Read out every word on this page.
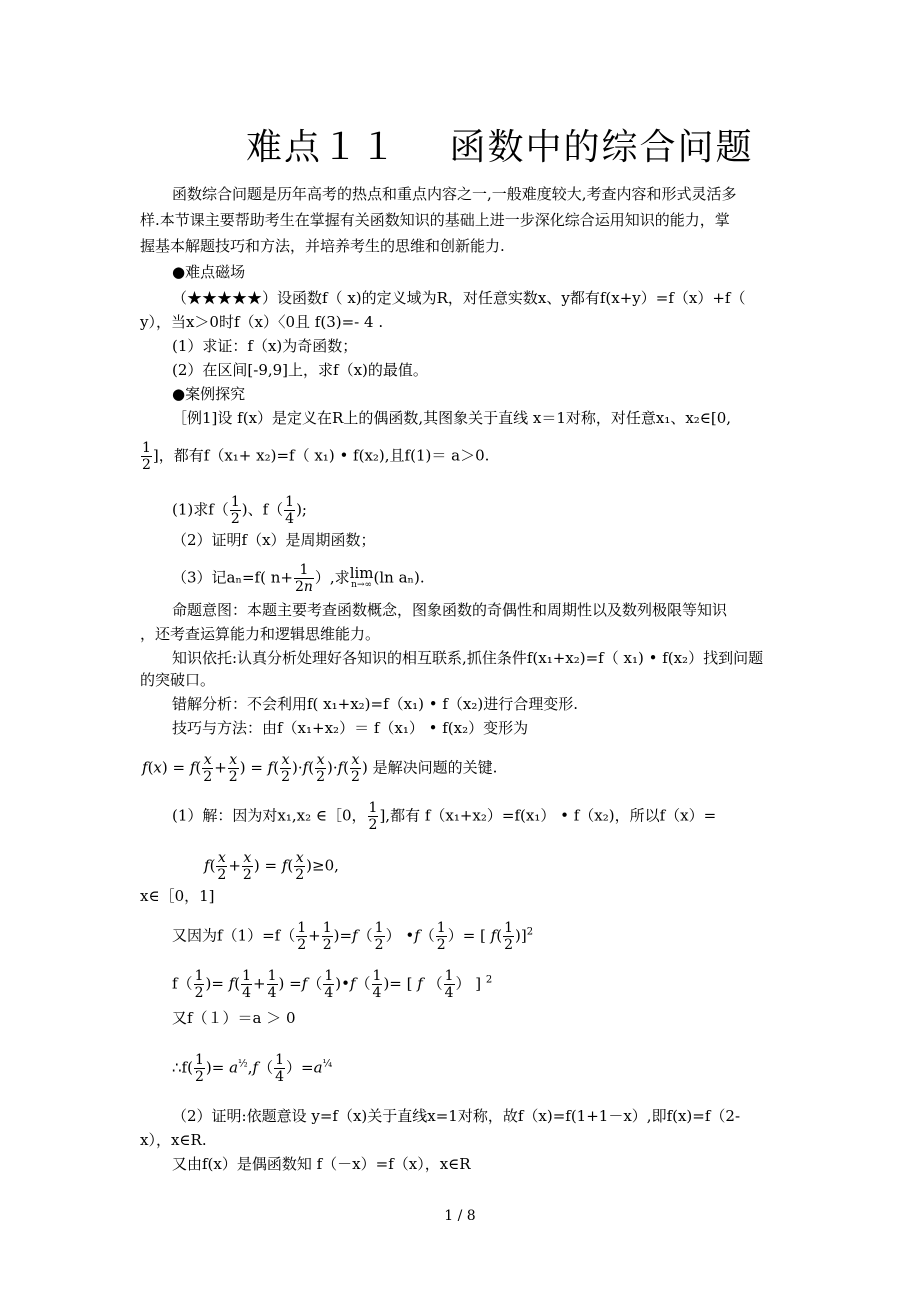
难点１１　 函数中的综合问题
函数综合问题是历年高考的热点和重点内容之一,一般难度较大,考查内容和形式灵活多
样.本节课主要帮助考生在掌握有关函数知识的基础上进一步深化综合运用知识的能力，掌
握基本解题技巧和方法，并培养考生的思维和创新能力.
●难点磁场
（★★★★★）设函数f（ x)的定义域为R，对任意实数x、y都有f(x+y）=f（x）+f（
y），当x＞0时f（x）〈0且 f(3)=- 4 .
(1）求证：f（x)为奇函数；
(2）在区间[-9,9]上，求f（x)的最值。
●案例探究
［例1]设 f(x）是定义在R上的偶函数,其图象关于直线 x＝1对称，对任意x₁、x₂∈[0,
$\frac{1}{2}$ ]，都有f（x₁+ x₂)=f（ x₁) • f(x₂),且f(1)＝ a＞0.
(1)求$f( \frac{1}{2}$ )、$f( \frac{1}{4}$ );
（2）证明f（x）是周期函数；
（3）记aₙ=f( $n+ \frac{1}{2n}$ ）,求 lim
n→∞ (ln aₙ).
命题意图：本题主要考查函数概念，图象函数的奇偶性和周期性以及数列极限等知识
，还考查运算能力和逻辑思维能力。
知识依托:认真分析处理好各知识的相互联系,抓住条件f(x₁+x₂)=f（ x₁) • f(x₂）找到问题
的突破口。
错解分析：不会利用f( x₁+x₂)=f（x₁) • f（x₂)进行合理变形.
技巧与方法：由f（x₁+x₂）＝ f（x₁） • f(x₂）变形为
$f(x) = f( \frac{x}{2} + \frac{x}{2}$ ) = $f( \frac{x}{2} )\cdot f( \frac{x}{2} )\cdot f( \frac{x}{2}$ ) 是解决问题的关键.
(1）解：因为对x₁,x₂ ∈［0， $\frac{1}{2}$ ],都有 f（x₁+x₂）=f(x₁） • f（x₂)，所以f（x）=
$f( \frac{x}{2} + \frac{x}{2}$ ) = $f( \frac{x}{2} )\ge 0$,
x∈［0，1]
又因为$f(1)=f( \frac{1}{2} + \frac{1}{2} )=f( \frac{1}{2}$ ） •f（ $\frac{1}{2}$ ）= [ $f( \frac{1}{2} )]^2$
$f( \frac{1}{2}$ )= $f( \frac{1}{4} + \frac{1}{4}$ ) $=f( \frac{1}{4}$ )•f（ $\frac{1}{4}$ )= [ f （ $\frac{1}{4}$ ） ] $^2$
又f（１）＝a ＞ 0
∴f( $\frac{1}{2}$ )= $a^{\frac{1}{2}},f( \frac{1}{4} )=a^{\frac{1}{4}}$
（2）证明:依题意设 y=f（x)关于直线x=1对称，故f（x)=f(1+1－x）,即f(x)=f（2-
x），x∈R.
又由f(x）是偶函数知 f（－x）=f（x），x∈R
1 / 8
